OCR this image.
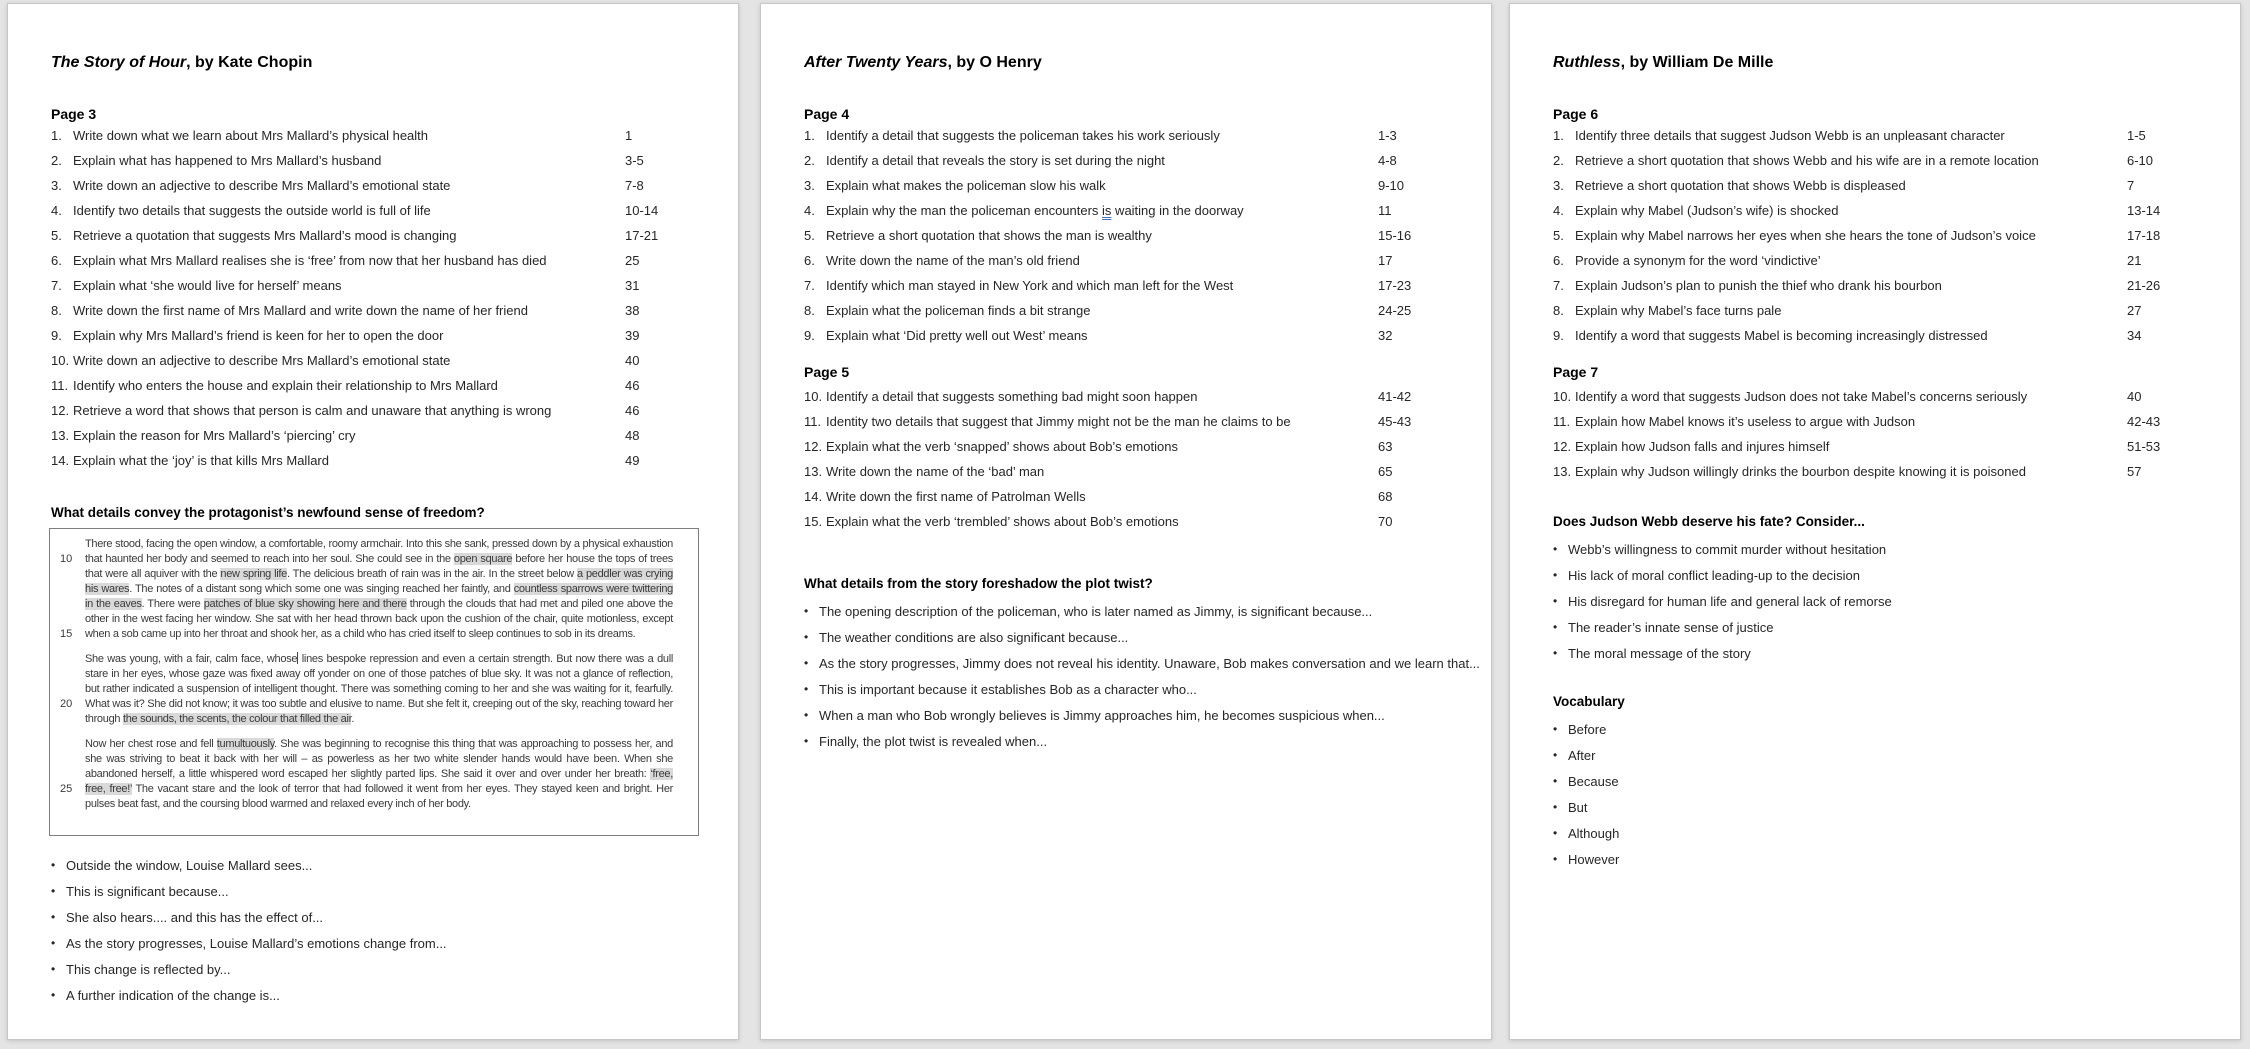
The Story of Hour, by Kate Chopin
Page 3
1. Write down what we learn about Mrs Mallard’s physical health	1
2. Explain what has happened to Mrs Mallard’s husband	3-5
3. Write down an adjective to describe Mrs Mallard’s emotional state	7-8
4. Identify two details that suggests the outside world is full of life	10-14
5. Retrieve a quotation that suggests Mrs Mallard’s mood is changing	17-21
6. Explain what Mrs Mallard realises she is ‘free’ from now that her husband has died	25
7. Explain what ‘she would live for herself’ means	31
8. Write down the first name of Mrs Mallard and write down the name of her friend	38
9. Explain why Mrs Mallard’s friend is keen for her to open the door	39
10. Write down an adjective to describe Mrs Mallard’s emotional state	40
11. Identify who enters the house and explain their relationship to Mrs Mallard	46
12. Retrieve a word that shows that person is calm and unaware that anything is wrong	46
13. Explain the reason for Mrs Mallard’s ‘piercing’ cry	48
14. Explain what the ‘joy’ is that kills Mrs Mallard	49
What details convey the protagonist’s newfound sense of freedom?
10
15
There stood, facing the open window, a comfortable, roomy armchair. Into this she sank, pressed down by a physical exhaustion that haunted her body and seemed to reach into her soul. She could see in the open square before her house the tops of trees that were all aquiver with the new spring life. The delicious breath of rain was in the air. In the street below a peddler was crying his wares. The notes of a distant song which some one was singing reached her faintly, and countless sparrows were twittering in the eaves. There were patches of blue sky showing here and there through the clouds that had met and piled one above the other in the west facing her window. She sat with her head thrown back upon the cushion of the chair, quite motionless, except when a sob came up into her throat and shook her, as a child who has cried itself to sleep continues to sob in its dreams.
20
She was young, with a fair, calm face, whose lines bespoke repression and even a certain strength. But now there was a dull stare in her eyes, whose gaze was fixed away off yonder on one of those patches of blue sky. It was not a glance of reflection, but rather indicated a suspension of intelligent thought. There was something coming to her and she was waiting for it, fearfully. What was it? She did not know; it was too subtle and elusive to name. But she felt it, creeping out of the sky, reaching toward her through the sounds, the scents, the colour that filled the air.
25
Now her chest rose and fell tumultuously. She was beginning to recognise this thing that was approaching to possess her, and she was striving to beat it back with her will – as powerless as her two white slender hands would have been. When she abandoned herself, a little whispered word escaped her slightly parted lips. She said it over and over under her breath: ‘free, free, free!’ The vacant stare and the look of terror that had followed it went from her eyes. They stayed keen and bright. Her pulses beat fast, and the coursing blood warmed and relaxed every inch of her body.
• Outside the window, Louise Mallard sees...
• This is significant because...
• She also hears.... and this has the effect of...
• As the story progresses, Louise Mallard’s emotions change from...
• This change is reflected by...
• A further indication of the change is...
After Twenty Years, by O Henry
Page 4
1. Identify a detail that suggests the policeman takes his work seriously	1-3
2. Identify a detail that reveals the story is set during the night	4-8
3. Explain what makes the policeman slow his walk	9-10
4. Explain why the man the policeman encounters is waiting in the doorway	11
5. Retrieve a short quotation that shows the man is wealthy	15-16
6. Write down the name of the man’s old friend	17
7. Identify which man stayed in New York and which man left for the West	17-23
8. Explain what the policeman finds a bit strange	24-25
9. Explain what ‘Did pretty well out West’ means	32
Page 5
10. Identify a detail that suggests something bad might soon happen	41-42
11. Identity two details that suggest that Jimmy might not be the man he claims to be	45-43
12. Explain what the verb ‘snapped’ shows about Bob’s emotions	63
13. Write down the name of the ‘bad’ man	65
14. Write down the first name of Patrolman Wells	68
15. Explain what the verb ‘trembled’ shows about Bob’s emotions	70
What details from the story foreshadow the plot twist?
• The opening description of the policeman, who is later named as Jimmy, is significant because...
• The weather conditions are also significant because...
• As the story progresses, Jimmy does not reveal his identity. Unaware, Bob makes conversation and we learn that...
• This is important because it establishes Bob as a character who...
• When a man who Bob wrongly believes is Jimmy approaches him, he becomes suspicious when...
• Finally, the plot twist is revealed when...
Ruthless, by William De Mille
Page 6
1. Identify three details that suggest Judson Webb is an unpleasant character	1-5
2. Retrieve a short quotation that shows Webb and his wife are in a remote location	6-10
3. Retrieve a short quotation that shows Webb is displeased	7
4. Explain why Mabel (Judson’s wife) is shocked	13-14
5. Explain why Mabel narrows her eyes when she hears the tone of Judson’s voice	17-18
6. Provide a synonym for the word ‘vindictive’	21
7. Explain Judson’s plan to punish the thief who drank his bourbon	21-26
8. Explain why Mabel’s face turns pale	27
9. Identify a word that suggests Mabel is becoming increasingly distressed	34
Page 7
10. Identify a word that suggests Judson does not take Mabel’s concerns seriously	40
11. Explain how Mabel knows it’s useless to argue with Judson	42-43
12. Explain how Judson falls and injures himself	51-53
13. Explain why Judson willingly drinks the bourbon despite knowing it is poisoned	57
Does Judson Webb deserve his fate? Consider...
• Webb’s willingness to commit murder without hesitation
• His lack of moral conflict leading-up to the decision
• His disregard for human life and general lack of remorse
• The reader’s innate sense of justice
• The moral message of the story
Vocabulary
• Before
• After
• Because
• But
• Although
• However
